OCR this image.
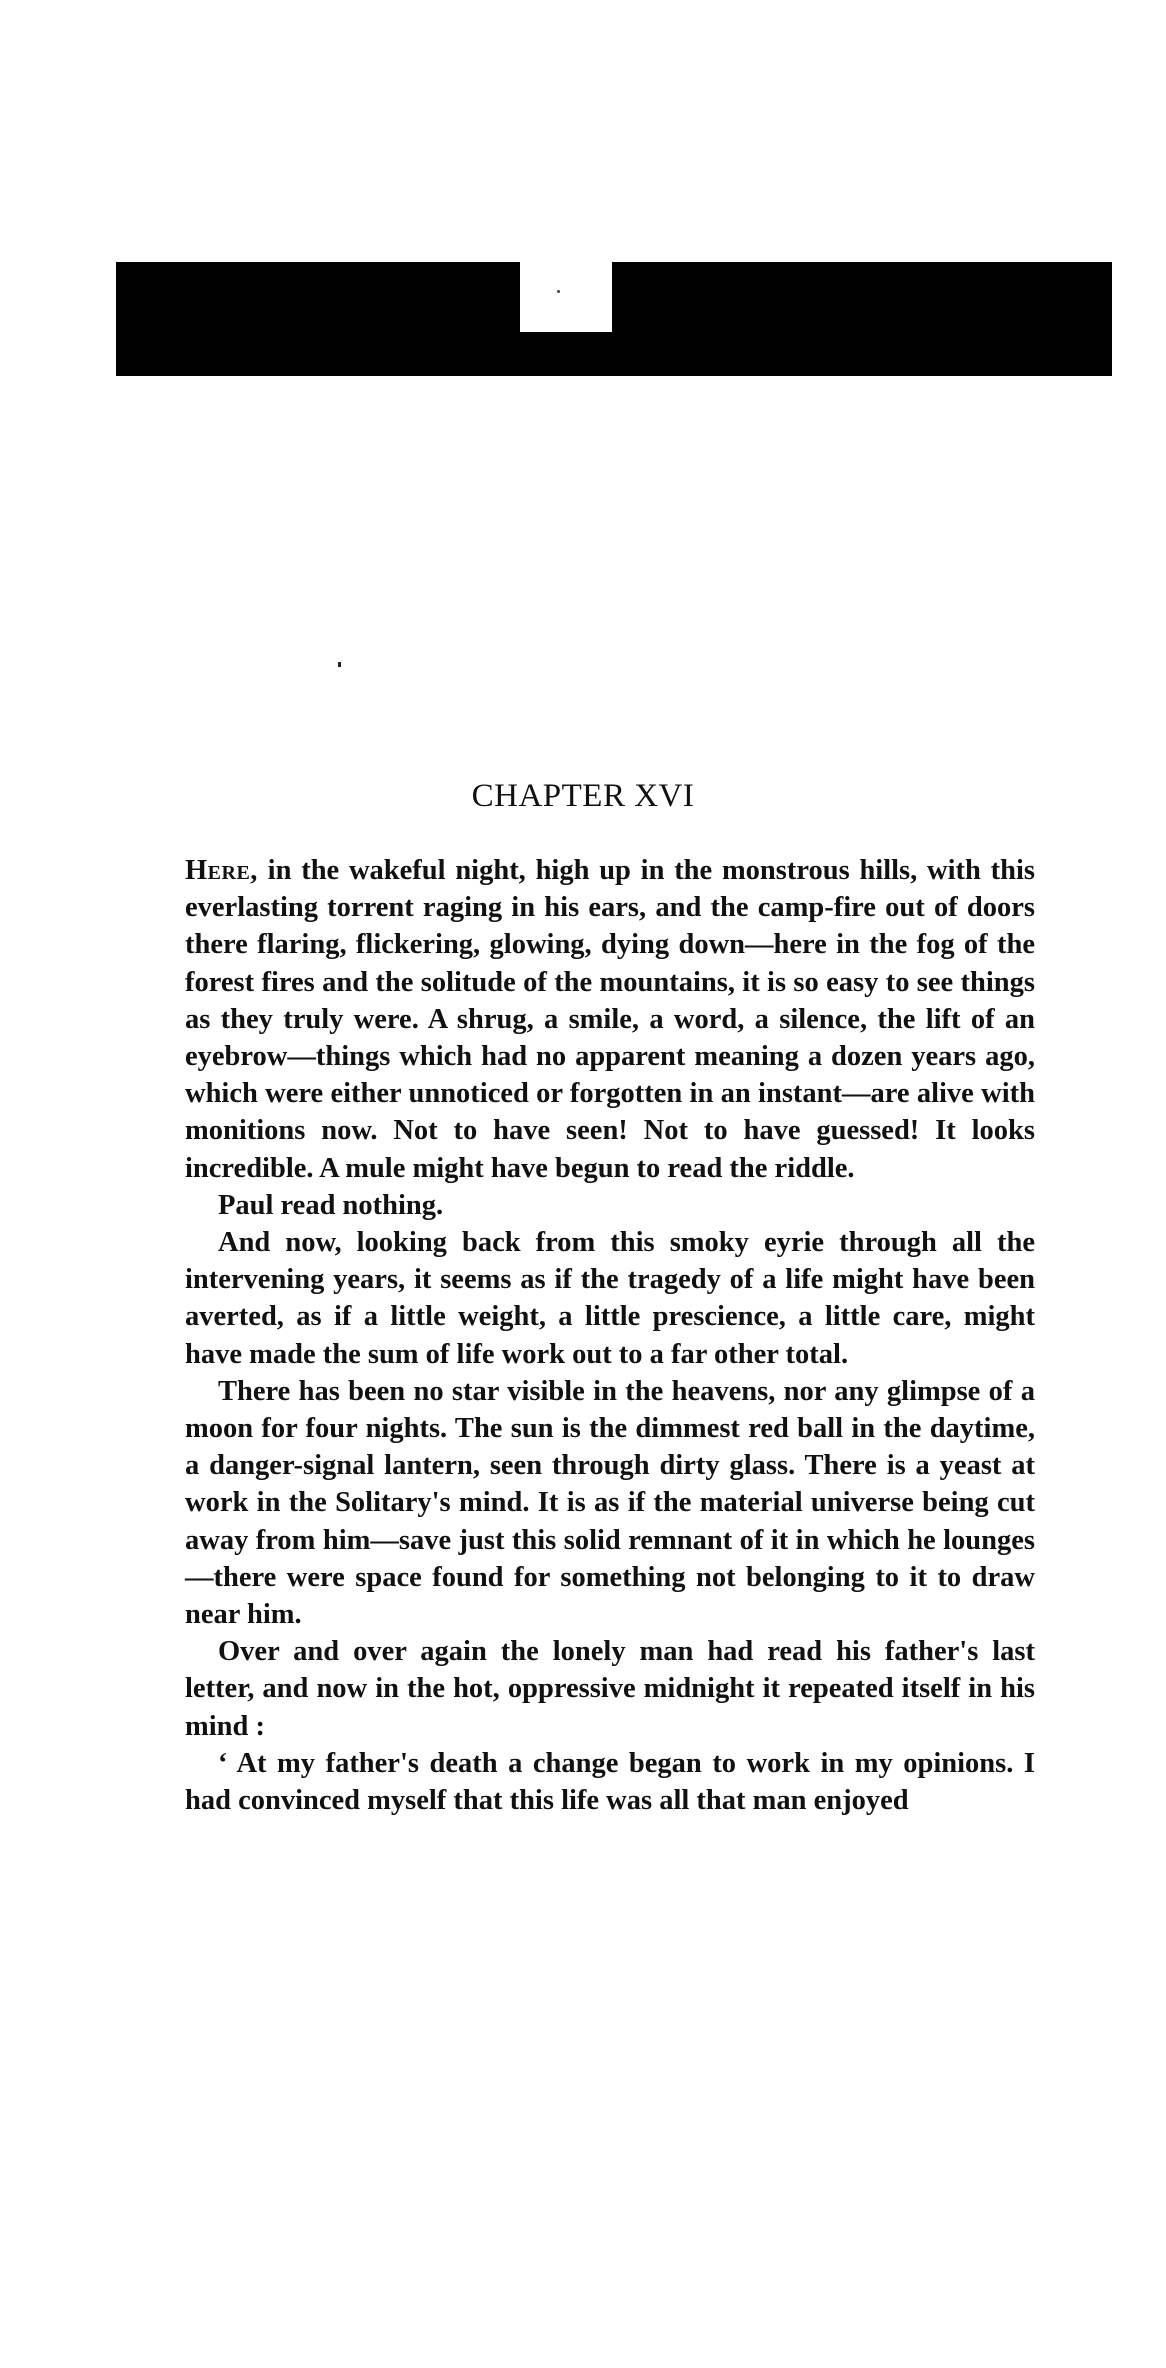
CHAPTER XVI

Here, in the wakeful night, high up in the monstrous hills, with this everlasting torrent raging in his ears, and the camp-fire out of doors there flaring, flickering, glowing, dying down—here in the fog of the forest fires and the solitude of the mountains, it is so easy to see things as they truly were. A shrug, a smile, a word, a silence, the lift of an eyebrow—things which had no apparent meaning a dozen years ago, which were either unnoticed or forgotten in an instant—are alive with monitions now. Not to have seen! Not to have guessed! It looks incredible. A mule might have begun to read the riddle.

Paul read nothing.

And now, looking back from this smoky eyrie through all the intervening years, it seems as if the tragedy of a life might have been averted, as if a little weight, a little prescience, a little care, might have made the sum of life work out to a far other total.

There has been no star visible in the heavens, nor any glimpse of a moon for four nights. The sun is the dimmest red ball in the daytime, a danger-signal lantern, seen through dirty glass. There is a yeast at work in the Solitary's mind. It is as if the material universe being cut away from him—save just this solid remnant of it in which he lounges—there were space found for something not belonging to it to draw near him.

Over and over again the lonely man had read his father's last letter, and now in the hot, oppressive midnight it repeated itself in his mind :

‘ At my father's death a change began to work in my opinions. I had convinced myself that this life was all that man enjoyed
